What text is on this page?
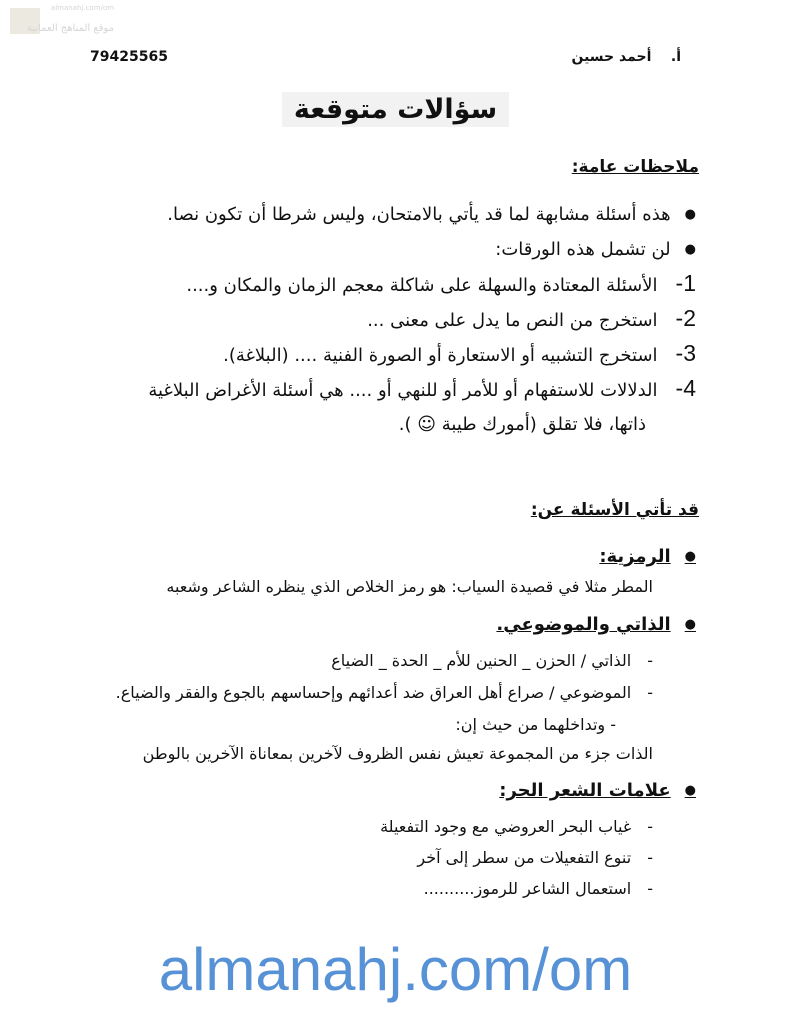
almanahj.com/om
موقع المناهج العمانية
79425565	أ.    أحمد حسين
سؤالات متوقعة
ملاحظات عامة:
● هذه أسئلة مشابهة لما قد يأتي بالامتحان، وليس شرطا أن تكون نصا.
● لن تشمل هذه الورقات:
1-الأسئلة المعتادة والسهلة على شاكلة معجم الزمان والمكان و....
2-استخرج من النص ما يدل على معنى ...
3-استخرج التشبيه أو الاستعارة أو الصورة الفنية .... (البلاغة).
4-الدلالات للاستفهام أو للأمر أو للنهي أو .... هي أسئلة الأغراض البلاغية
ذاتها، فلا تقلق (أمورك طيبة ☺ ).
قد تأتي الأسئلة عن:
● الرمزية:
المطر مثلا في قصيدة السياب: هو رمز الخلاص الذي ينظره الشاعر وشعبه
● الذاتي والموضوعي.
- الذاتي / الحزن _ الحنين للأم _ الحدة _ الضياع
- الموضوعي / صراع أهل العراق ضد أعدائهم وإحساسهم بالجوع والفقر والضياع.
- وتداخلهما من حيث إن:
الذات جزء من المجموعة تعيش نفس الظروف لآخرين بمعاناة الآخرين بالوطن
● علامات الشعر الحر:
- غياب البحر العروضي مع وجود التفعيلة
- تنوع التفعيلات من سطر إلى آخر
- استعمال الشاعر للرموز..........
almanahj.com/om
